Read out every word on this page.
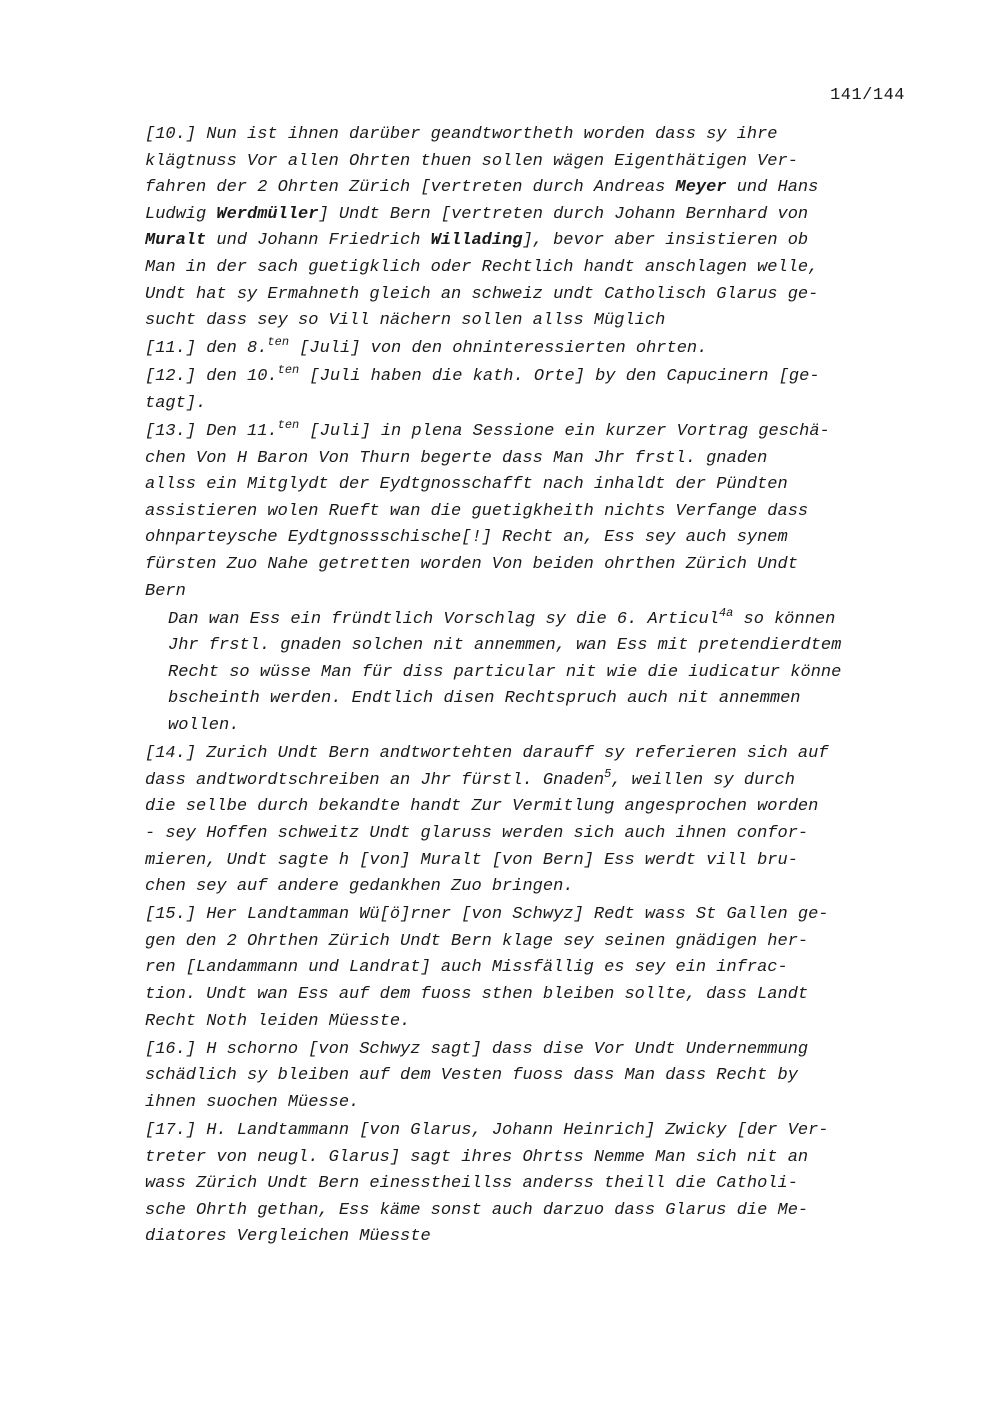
141/144
[10.] Nun ist ihnen darüber geandtwortheth worden dass sy ihre
klägtnuss Vor allen Ohrten thuen sollen wägen Eigenthätigen Ver-
fahren der 2 Ohrten Zürich [vertreten durch Andreas Meyer und Hans
Ludwig Werdmüller] Undt Bern [vertreten durch Johann Bernhard von
Muralt und Johann Friedrich Willading], bevor aber insistieren ob
Man in der sach guetigklich oder Rechtlich handt anschlagen welle,
Undt hat sy Ermahneth gleich an schweiz undt Catholisch Glarus ge-
sucht dass sey so Vill nächern sollen allss Müglich
[11.] den 8.$^{ten}$ [Juli] von den ohninteressierten ohrten.
[12.] den 10.$^{ten}$ [Juli haben die kath. Orte] by den Capucinern [ge-
tagt].
[13.] Den 11.$^{ten}$ [Juli] in plena Sessione ein kurzer Vortrag geschä-
chen Von H Baron Von Thurn begerte dass Man Jhr frstl. gnaden
allss ein Mitglydt der Eydtgnosschafft nach inhaldt der Pündten
assistieren wolen Rueft wan die guetigkheith nichts Verfange dass
ohnparteysche Eydtgnossschische[!] Recht an, Ess sey auch synem
fürsten Zuo Nahe getretten worden Von beiden ohrthen Zürich Undt
Bern
Dan wan Ess ein fründtlich Vorschlag sy die 6. Articul$^{4a}$ so können
Jhr frstl. gnaden solchen nit annemmen, wan Ess mit pretendierdtem
Recht so wüsse Man für diss particular nit wie die iudicatur könne
bscheinth werden. Endtlich disen Rechtspruch auch nit annemmen
wollen.
[14.] Zurich Undt Bern andtwortehten darauff sy referieren sich auf
dass andtwordtschreiben an Jhr fürstl. Gnaden$^5$, weillen sy durch
die sellbe durch bekandte handt Zur Vermitlung angesprochen worden
- sey Hoffen schweitz Undt glaruss werden sich auch ihnen confor-
mieren, Undt sagte h [von] Muralt [von Bern] Ess werdt vill bru-
chen sey auf andere gedankhen Zuo bringen.
[15.] Her Landtamman Wü[ö]rner [von Schwyz] Redt wass St Gallen ge-
gen den 2 Ohrthen Zürich Undt Bern klage sey seinen gnädigen her-
ren [Landammann und Landrat] auch Missfällig es sey ein infrac-
tion. Undt wan Ess auf dem fuoss sthen bleiben sollte, dass Landt
Recht Noth leiden Müesste.
[16.] H schorno [von Schwyz sagt] dass dise Vor Undt Undernemmung
schädlich sy bleiben auf dem Vesten fuoss dass Man dass Recht by
ihnen suochen Müesse.
[17.] H. Landtammann [von Glarus, Johann Heinrich] Zwicky [der Ver-
treter von neugl. Glarus] sagt ihres Ohrtss Nemme Man sich nit an
wass Zürich Undt Bern einesstheillss anderss theill die Catholi-
sche Ohrth gethan, Ess käme sonst auch darzuo dass Glarus die Me-
diatores Vergleichen Müesste
